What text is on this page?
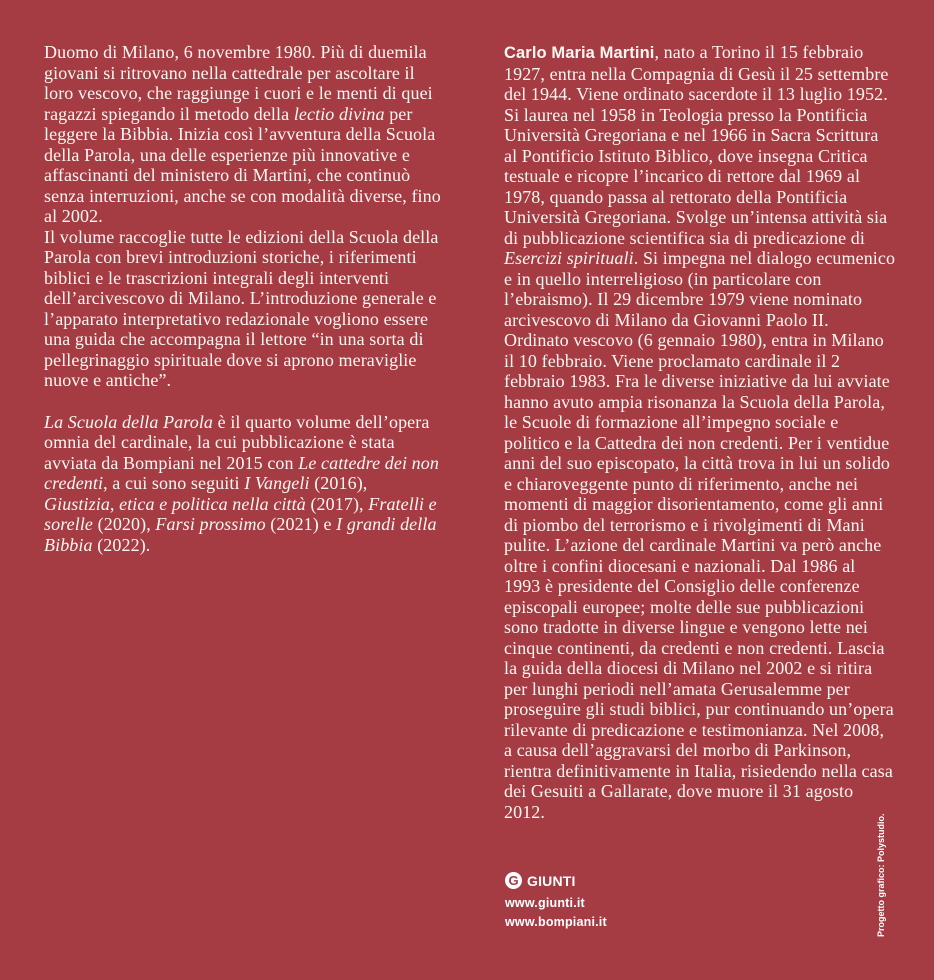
Duomo di Milano, 6 novembre 1980. Più di duemila giovani si ritrovano nella cattedrale per ascoltare il loro vescovo, che raggiunge i cuori e le menti di quei ragazzi spiegando il metodo della lectio divina per leggere la Bibbia. Inizia così l’avventura della Scuola della Parola, una delle esperienze più innovative e affascinanti del ministero di Martini, che continuò senza interruzioni, anche se con modalità diverse, fino al 2002.

Il volume raccoglie tutte le edizioni della Scuola della Parola con brevi introduzioni storiche, i riferimenti biblici e le trascrizioni integrali degli interventi dell’arcivescovo di Milano. L’introduzione generale e l’apparato interpretativo redazionale vogliono essere una guida che accompagna il lettore “in una sorta di pellegrinaggio spirituale dove si aprono meraviglie nuove e antiche”.

La Scuola della Parola è il quarto volume dell’opera omnia del cardinale, la cui pubblicazione è stata avviata da Bompiani nel 2015 con Le cattedre dei non credenti, a cui sono seguiti I Vangeli (2016), Giustizia, etica e politica nella città (2017), Fratelli e sorelle (2020), Farsi prossimo (2021) e I grandi della Bibbia (2022).

Carlo Maria Martini, nato a Torino il 15 febbraio 1927, entra nella Compagnia di Gesù il 25 settembre del 1944. Viene ordinato sacerdote il 13 luglio 1952. Si laurea nel 1958 in Teologia presso la Pontificia Università Gregoriana e nel 1966 in Sacra Scrittura al Pontificio Istituto Biblico, dove insegna Critica testuale e ricopre l’incarico di rettore dal 1969 al 1978, quando passa al rettorato della Pontificia Università Gregoriana. Svolge un’intensa attività sia di pubblicazione scientifica sia di predicazione di Esercizi spirituali. Si impegna nel dialogo ecumenico e in quello interreligioso (in particolare con l’ebraismo). Il 29 dicembre 1979 viene nominato arcivescovo di Milano da Giovanni Paolo II. Ordinato vescovo (6 gennaio 1980), entra in Milano il 10 febbraio. Viene proclamato cardinale il 2 febbraio 1983. Fra le diverse iniziative da lui avviate hanno avuto ampia risonanza la Scuola della Parola, le Scuole di formazione all’impegno sociale e politico e la Cattedra dei non credenti. Per i ventidue anni del suo episcopato, la città trova in lui un solido e chiaroveggente punto di riferimento, anche nei momenti di maggior disorientamento, come gli anni di piombo del terrorismo e i rivolgimenti di Mani pulite. L’azione del cardinale Martini va però anche oltre i confini diocesani e nazionali. Dal 1986 al 1993 è presidente del Consiglio delle conferenze episcopali europee; molte delle sue pubblicazioni sono tradotte in diverse lingue e vengono lette nei cinque continenti, da credenti e non credenti. Lascia la guida della diocesi di Milano nel 2002 e si ritira per lunghi periodi nell’amata Gerusalemme per proseguire gli studi biblici, pur continuando un’opera rilevante di predicazione e testimonianza. Nel 2008, a causa dell’aggravarsi del morbo di Parkinson, rientra definitivamente in Italia, risiedendo nella casa dei Gesuiti a Gallarate, dove muore il 31 agosto 2012.

G GIUNTI
www.giunti.it
www.bompiani.it	Progetto grafico: Polystudio.
